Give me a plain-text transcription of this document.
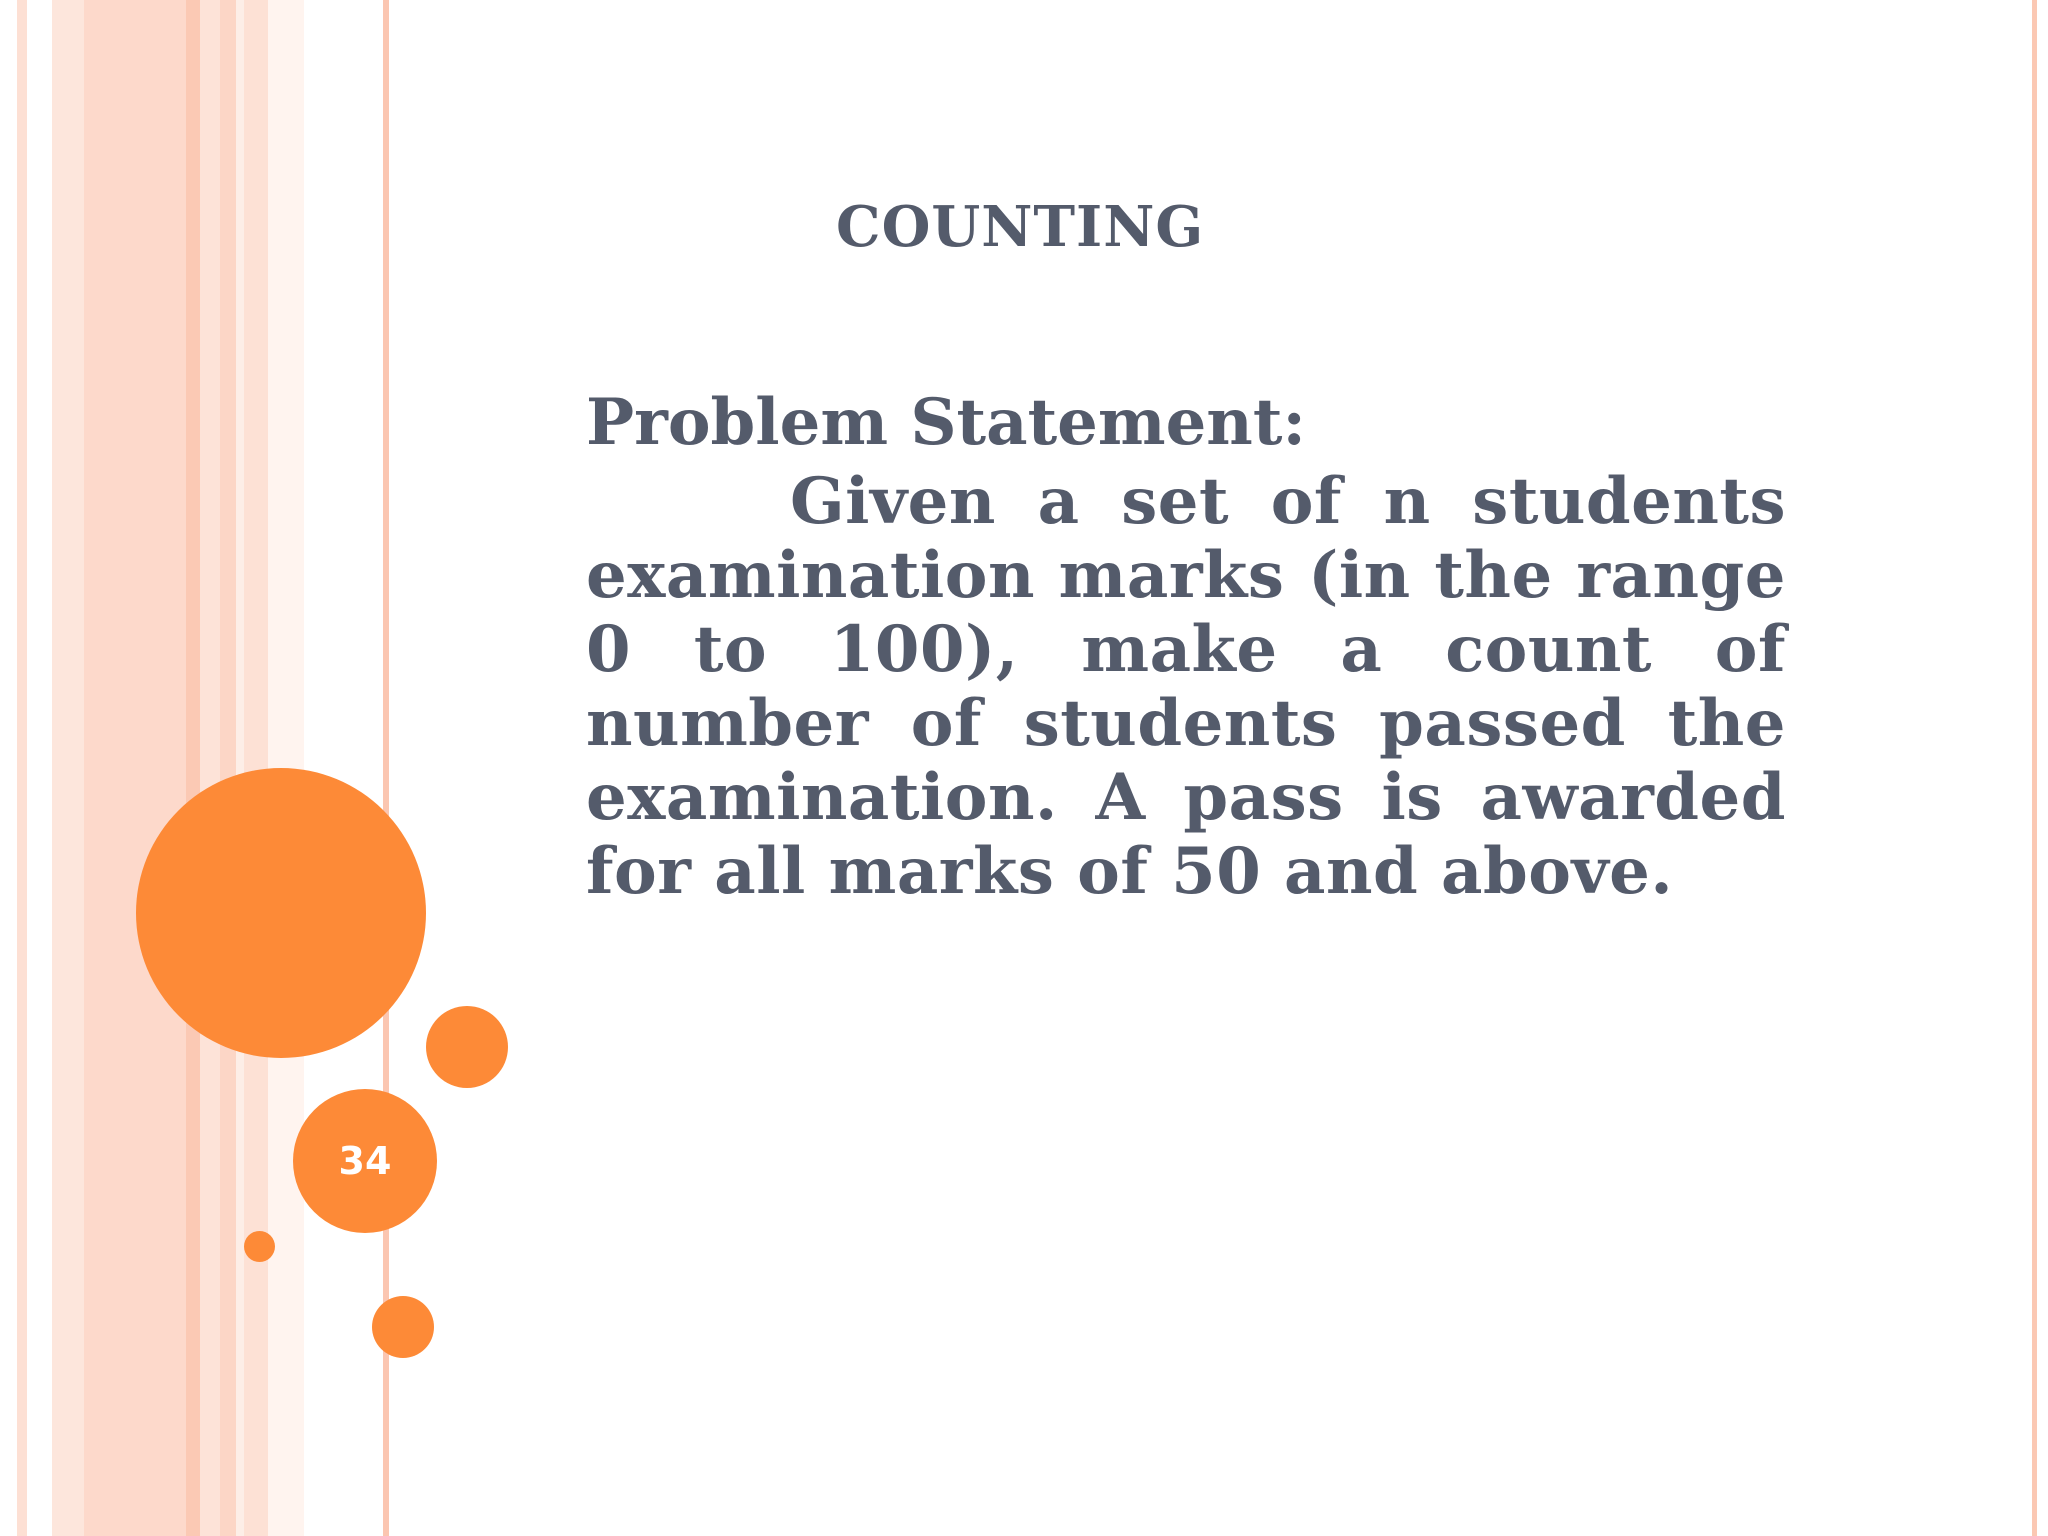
34
COUNTING

Problem Statement:

Given a set of n students examination marks (in the range 0 to 100), make a count of number of students passed the examination. A pass is awarded for all marks of 50 and above.
